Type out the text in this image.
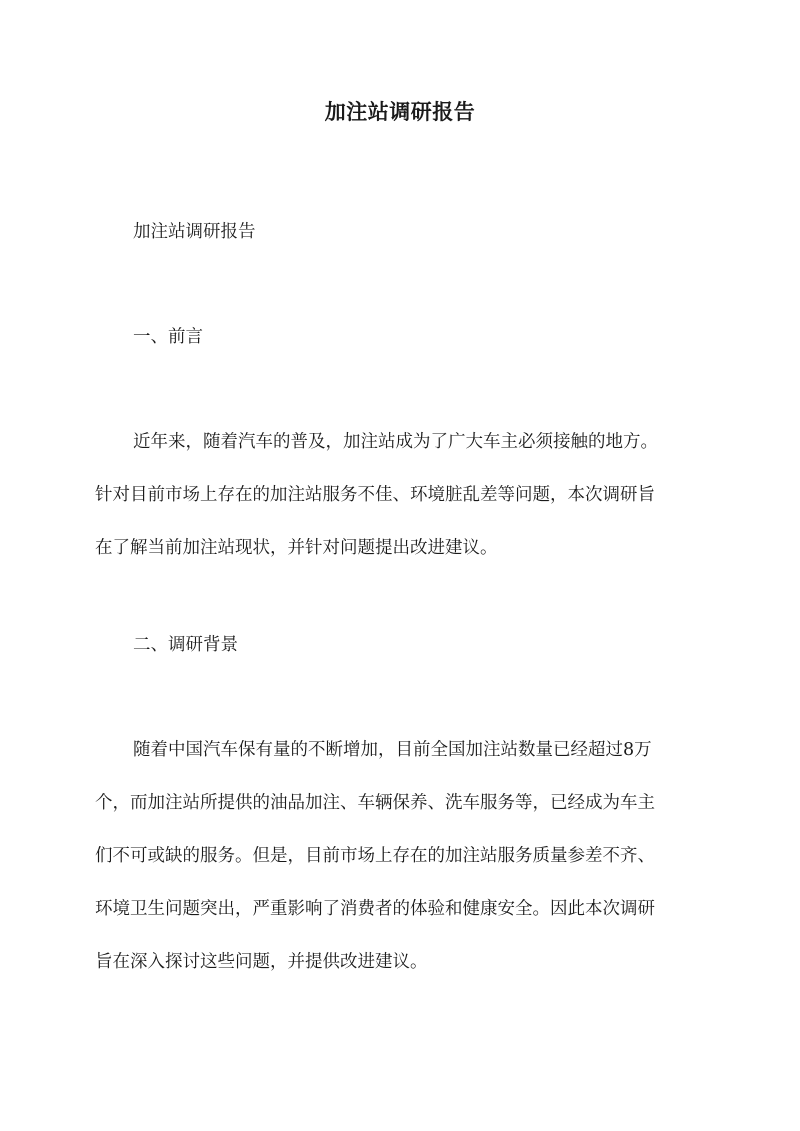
加注站调研报告
加注站调研报告
一、前言
近年来，随着汽车的普及，加注站成为了广大车主必须接触的地方。
针对目前市场上存在的加注站服务不佳、环境脏乱差等问题，本次调研旨
在了解当前加注站现状，并针对问题提出改进建议。
二、调研背景
随着中国汽车保有量的不断增加，目前全国加注站数量已经超过8万
个，而加注站所提供的油品加注、车辆保养、洗车服务等，已经成为车主
们不可或缺的服务。但是，目前市场上存在的加注站服务质量参差不齐、
环境卫生问题突出，严重影响了消费者的体验和健康安全。因此本次调研
旨在深入探讨这些问题，并提供改进建议。
